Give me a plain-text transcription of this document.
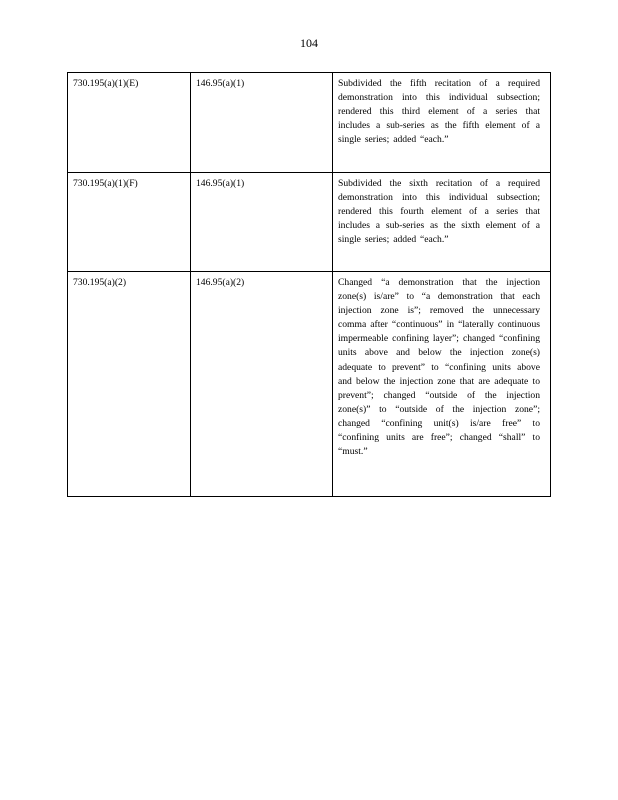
104
730.195(a)(1)(E)	146.95(a)(1)	Subdivided the fifth recitation of a required demonstration into this individual subsection; rendered this third element of a series that includes a sub-series as the fifth element of a single series; added “each.”

730.195(a)(1)(F)	146.95(a)(1)	Subdivided the sixth recitation of a required demonstration into this individual subsection; rendered this fourth element of a series that includes a sub-series as the sixth element of a single series; added “each.”

730.195(a)(2)	146.95(a)(2)	Changed “a demonstration that the injection zone(s) is/are” to “a demonstration that each injection zone is”; removed the unnecessary comma after “continuous” in “laterally continuous impermeable confining layer”; changed “confining units above and below the injection zone(s) adequate to prevent” to “confining units above and below the injection zone that are adequate to prevent”; changed “outside of the injection zone(s)” to “outside of the injection zone”; changed “confining unit(s) is/are free” to “confining units are free”; changed “shall” to “must.”
